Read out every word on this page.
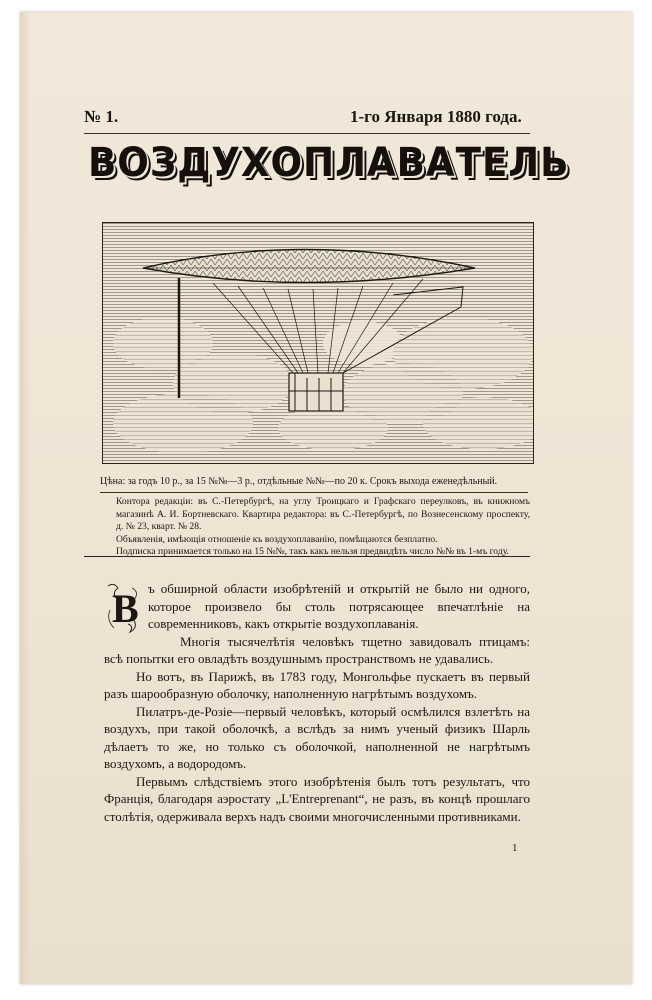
№ 1.	1-го Января 1880 года.
ВОЗДУХОПЛАВАТЕЛЬ
Цѣна: за годъ 10 р., за 15 №№—3 р., отдѣльные №№—по 20 к. Срокъ выхода еженедѣльный.

Контора редакціи: въ С.-Петербургѣ, на углу Троицкаго и Графскаго переулковъ, въ книжномъ магазинѣ А. И. Бортневскаго. Квартира редактора: въ С.-Петербургѣ, по Вознесенскому проспекту, д. № 23, кварт. № 28.

Объявленія, имѣющія отношеніе къ воздухоплаванію, помѣщаются безплатно.

Подписка принимается только на 15 №№, такъ какъ нельзя предвидѣть число №№ въ 1-мъ году.

В ъ обширной области изобрѣтеній и открытій не было ни одного, которое произвело бы столь потрясающее впечатлѣніе на современниковъ, какъ открытіе воздухоплаванія.

Многія тысячелѣтія человѣкъ тщетно завидовалъ птицамъ: всѣ попытки его овладѣть воздушнымъ пространствомъ не удавались.

Но вотъ, въ Парижѣ, въ 1783 году, Монгольфье пускаетъ въ первый разъ шарообразную оболочку, наполненную нагрѣтымъ воздухомъ.

Пилатръ-де-Розіе—первый человѣкъ, который осмѣлился взлетѣть на воздухъ, при такой оболочкѣ, а вслѣдъ за нимъ ученый физикъ Шарль дѣлаетъ то же, но только съ оболочкой, наполненной не нагрѣтымъ воздухомъ, а водородомъ.

Первымъ слѣдствіемъ этого изобрѣтенія былъ тотъ результатъ, что Франція, благодаря аэростату „L'Entreprenant“, не разъ, въ концѣ прошлаго столѣтія, одерживала верхъ надъ своими многочисленными противниками.

1
